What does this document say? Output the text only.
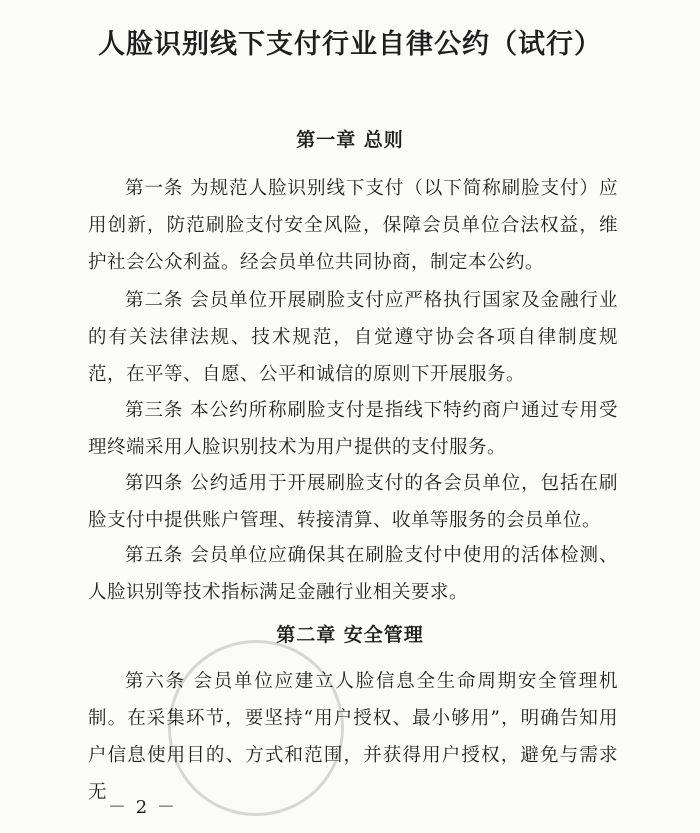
人脸识别线下支付行业自律公约（试行）
第一章 总则
第一条 为规范人脸识别线下支付（以下简称刷脸支付）应用创新，防范刷脸支付安全风险，保障会员单位合法权益，维护社会公众利益。经会员单位共同协商，制定本公约。
第二条 会员单位开展刷脸支付应严格执行国家及金融行业的有关法律法规、技术规范，自觉遵守协会各项自律制度规范，在平等、自愿、公平和诚信的原则下开展服务。
第三条 本公约所称刷脸支付是指线下特约商户通过专用受理终端采用人脸识别技术为用户提供的支付服务。
第四条 公约适用于开展刷脸支付的各会员单位，包括在刷脸支付中提供账户管理、转接清算、收单等服务的会员单位。
第五条 会员单位应确保其在刷脸支付中使用的活体检测、人脸识别等技术指标满足金融行业相关要求。
第二章 安全管理
第六条 会员单位应建立人脸信息全生命周期安全管理机制。在采集环节，要坚持“用户授权、最小够用”，明确告知用户信息使用目的、方式和范围，并获得用户授权，避免与需求无
－ 2 －
